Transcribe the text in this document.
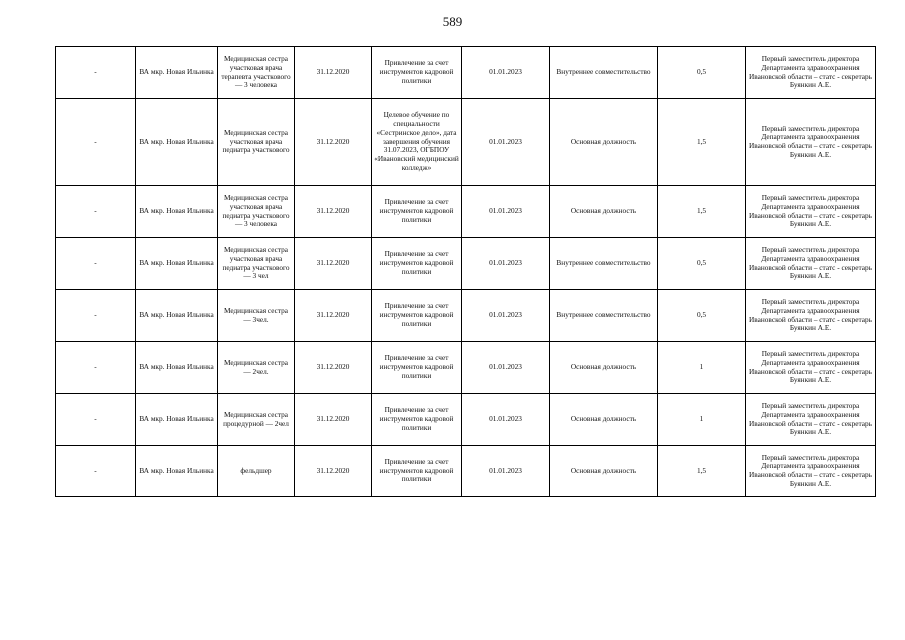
589
-	ВА мкр. Новая Ильинка	Медицинская сестра участковая врача терапевта участкового — 3 человека	31.12.2020	Привлечение за счет инструментов кадровой политики	01.01.2023	Внутреннее совместительство	0,5	Первый заместитель директора Департамента здравоохранения Ивановской области – статс - секретарь Буянкин А.Е.
-	ВА мкр. Новая Ильинка	Медицинская сестра участковая врача педиатра участкового	31.12.2020	Целевое обучение по специальности «Сестринское дело», дата завершения обучения 31.07.2023, ОГБПОУ «Ивановский медицинский колледж»	01.01.2023	Основная должность	1,5	Первый заместитель директора Департамента здравоохранения Ивановской области – статс - секретарь Буянкин А.Е.
-	ВА мкр. Новая Ильинка	Медицинская сестра участковая врача педиатра участкового — 3 человека	31.12.2020	Привлечение за счет инструментов кадровой политики	01.01.2023	Основная должность	1,5	Первый заместитель директора Департамента здравоохранения Ивановской области – статс - секретарь Буянкин А.Е.
-	ВА мкр. Новая Ильинка	Медицинская сестра участковая врача педиатра участкового — 3 чел	31.12.2020	Привлечение за счет инструментов кадровой политики	01.01.2023	Внутреннее совместительство	0,5	Первый заместитель директора Департамента здравоохранения Ивановской области – статс - секретарь Буянкин А.Е.
-	ВА мкр. Новая Ильинка	Медицинская сестра — 3чел.	31.12.2020	Привлечение за счет инструментов кадровой политики	01.01.2023	Внутреннее совместительство	0,5	Первый заместитель директора Департамента здравоохранения Ивановской области – статс - секретарь Буянкин А.Е.
-	ВА мкр. Новая Ильинка	Медицинская сестра — 2чел.	31.12.2020	Привлечение за счет инструментов кадровой политики	01.01.2023	Основная должность	1	Первый заместитель директора Департамента здравоохранения Ивановской области – статс - секретарь Буянкин А.Е.
-	ВА мкр. Новая Ильинка	Медицинская сестра процедурной — 2чел	31.12.2020	Привлечение за счет инструментов кадровой политики	01.01.2023	Основная должность	1	Первый заместитель директора Департамента здравоохранения Ивановской области – статс - секретарь Буянкин А.Е.
-	ВА мкр. Новая Ильинка	фельдшер	31.12.2020	Привлечение за счет инструментов кадровой политики	01.01.2023	Основная должность	1,5	Первый заместитель директора Департамента здравоохранения Ивановской области – статс - секретарь Буянкин А.Е.
